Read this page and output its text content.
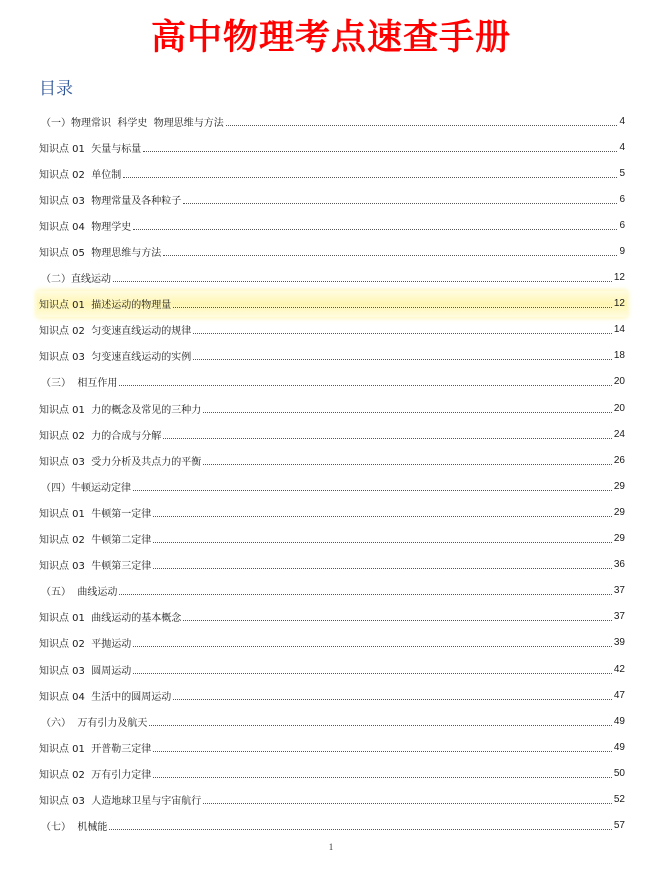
高中物理考点速查手册
目录
（一）物理常识  科学史  物理思维与方法	4
知识点 01  矢量与标量	4
知识点 02  单位制	5
知识点 03  物理常量及各种粒子	6
知识点 04  物理学史	6
知识点 05  物理思维与方法	9
（二）直线运动	12
知识点 01  描述运动的物理量	12
知识点 02  匀变速直线运动的规律	14
知识点 03  匀变速直线运动的实例	18
（三）  相互作用	20
知识点 01  力的概念及常见的三种力	20
知识点 02  力的合成与分解	24
知识点 03  受力分析及共点力的平衡	26
（四）牛顿运动定律	29
知识点 01  牛顿第一定律	29
知识点 02  牛顿第二定律	29
知识点 03  牛顿第三定律	36
（五）  曲线运动	37
知识点 01  曲线运动的基本概念	37
知识点 02  平抛运动	39
知识点 03  圆周运动	42
知识点 04  生活中的圆周运动	47
（六）  万有引力及航天	49
知识点 01  开普勒三定律	49
知识点 02  万有引力定律	50
知识点 03  人造地球卫星与宇宙航行	52
（七）  机械能	57
1
